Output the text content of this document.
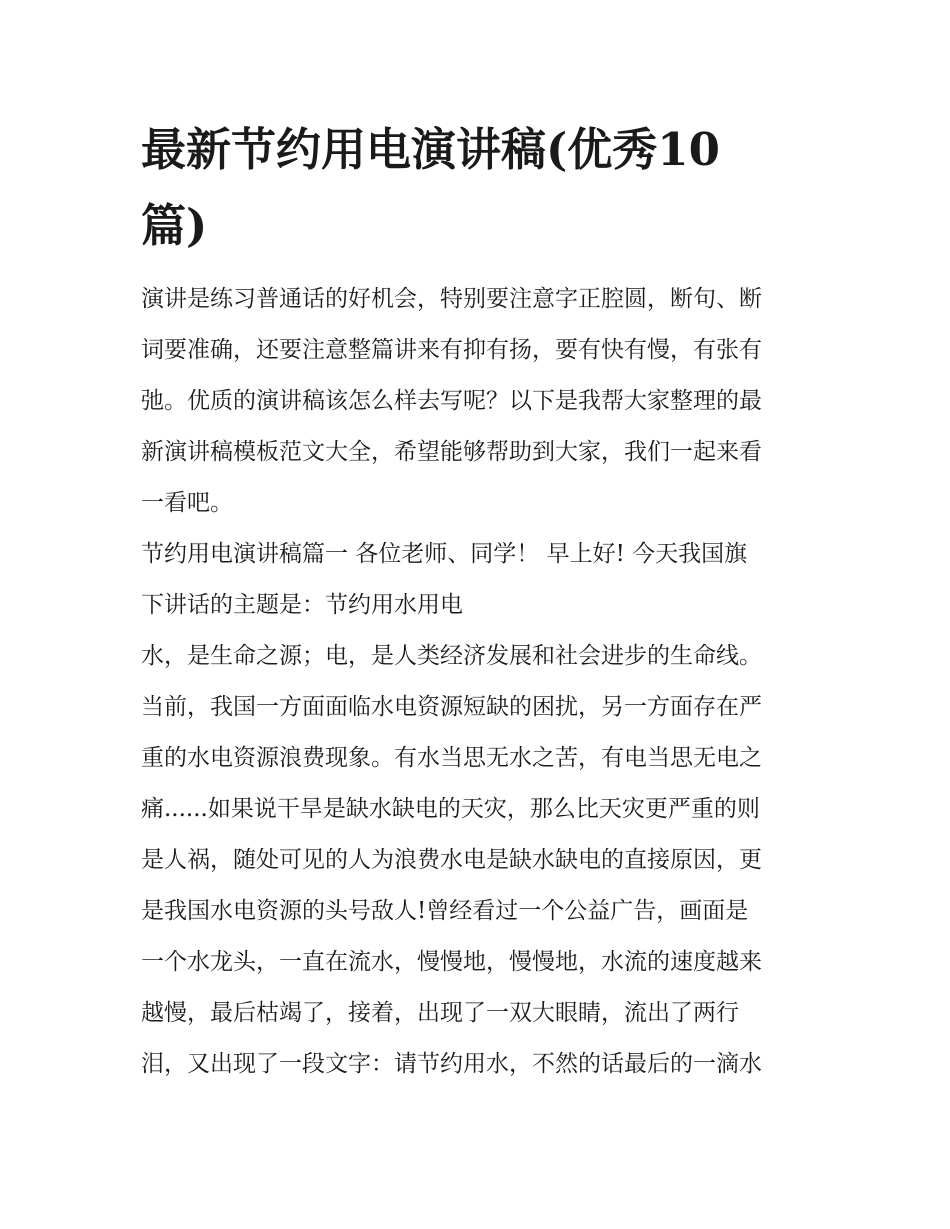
最新节约用电演讲稿(优秀10
篇)

演讲是练习普通话的好机会，特别要注意字正腔圆，断句、断
词要准确，还要注意整篇讲来有抑有扬，要有快有慢，有张有
弛。优质的演讲稿该怎么样去写呢？以下是我帮大家整理的最
新演讲稿模板范文大全，希望能够帮助到大家，我们一起来看
一看吧。

节约用电演讲稿篇一 各位老师、同学！ 早上好! 今天我国旗
下讲话的主题是：节约用水用电

水，是生命之源；电，是人类经济发展和社会进步的生命线。
当前，我国一方面面临水电资源短缺的困扰，另一方面存在严
重的水电资源浪费现象。有水当思无水之苦，有电当思无电之
痛......如果说干旱是缺水缺电的天灾，那么比天灾更严重的则
是人祸，随处可见的人为浪费水电是缺水缺电的直接原因，更
是我国水电资源的头号敌人!曾经看过一个公益广告，画面是
一个水龙头，一直在流水，慢慢地，慢慢地，水流的速度越来
越慢，最后枯竭了，接着，出现了一双大眼睛，流出了两行
泪，又出现了一段文字：请节约用水，不然的话最后的一滴水
